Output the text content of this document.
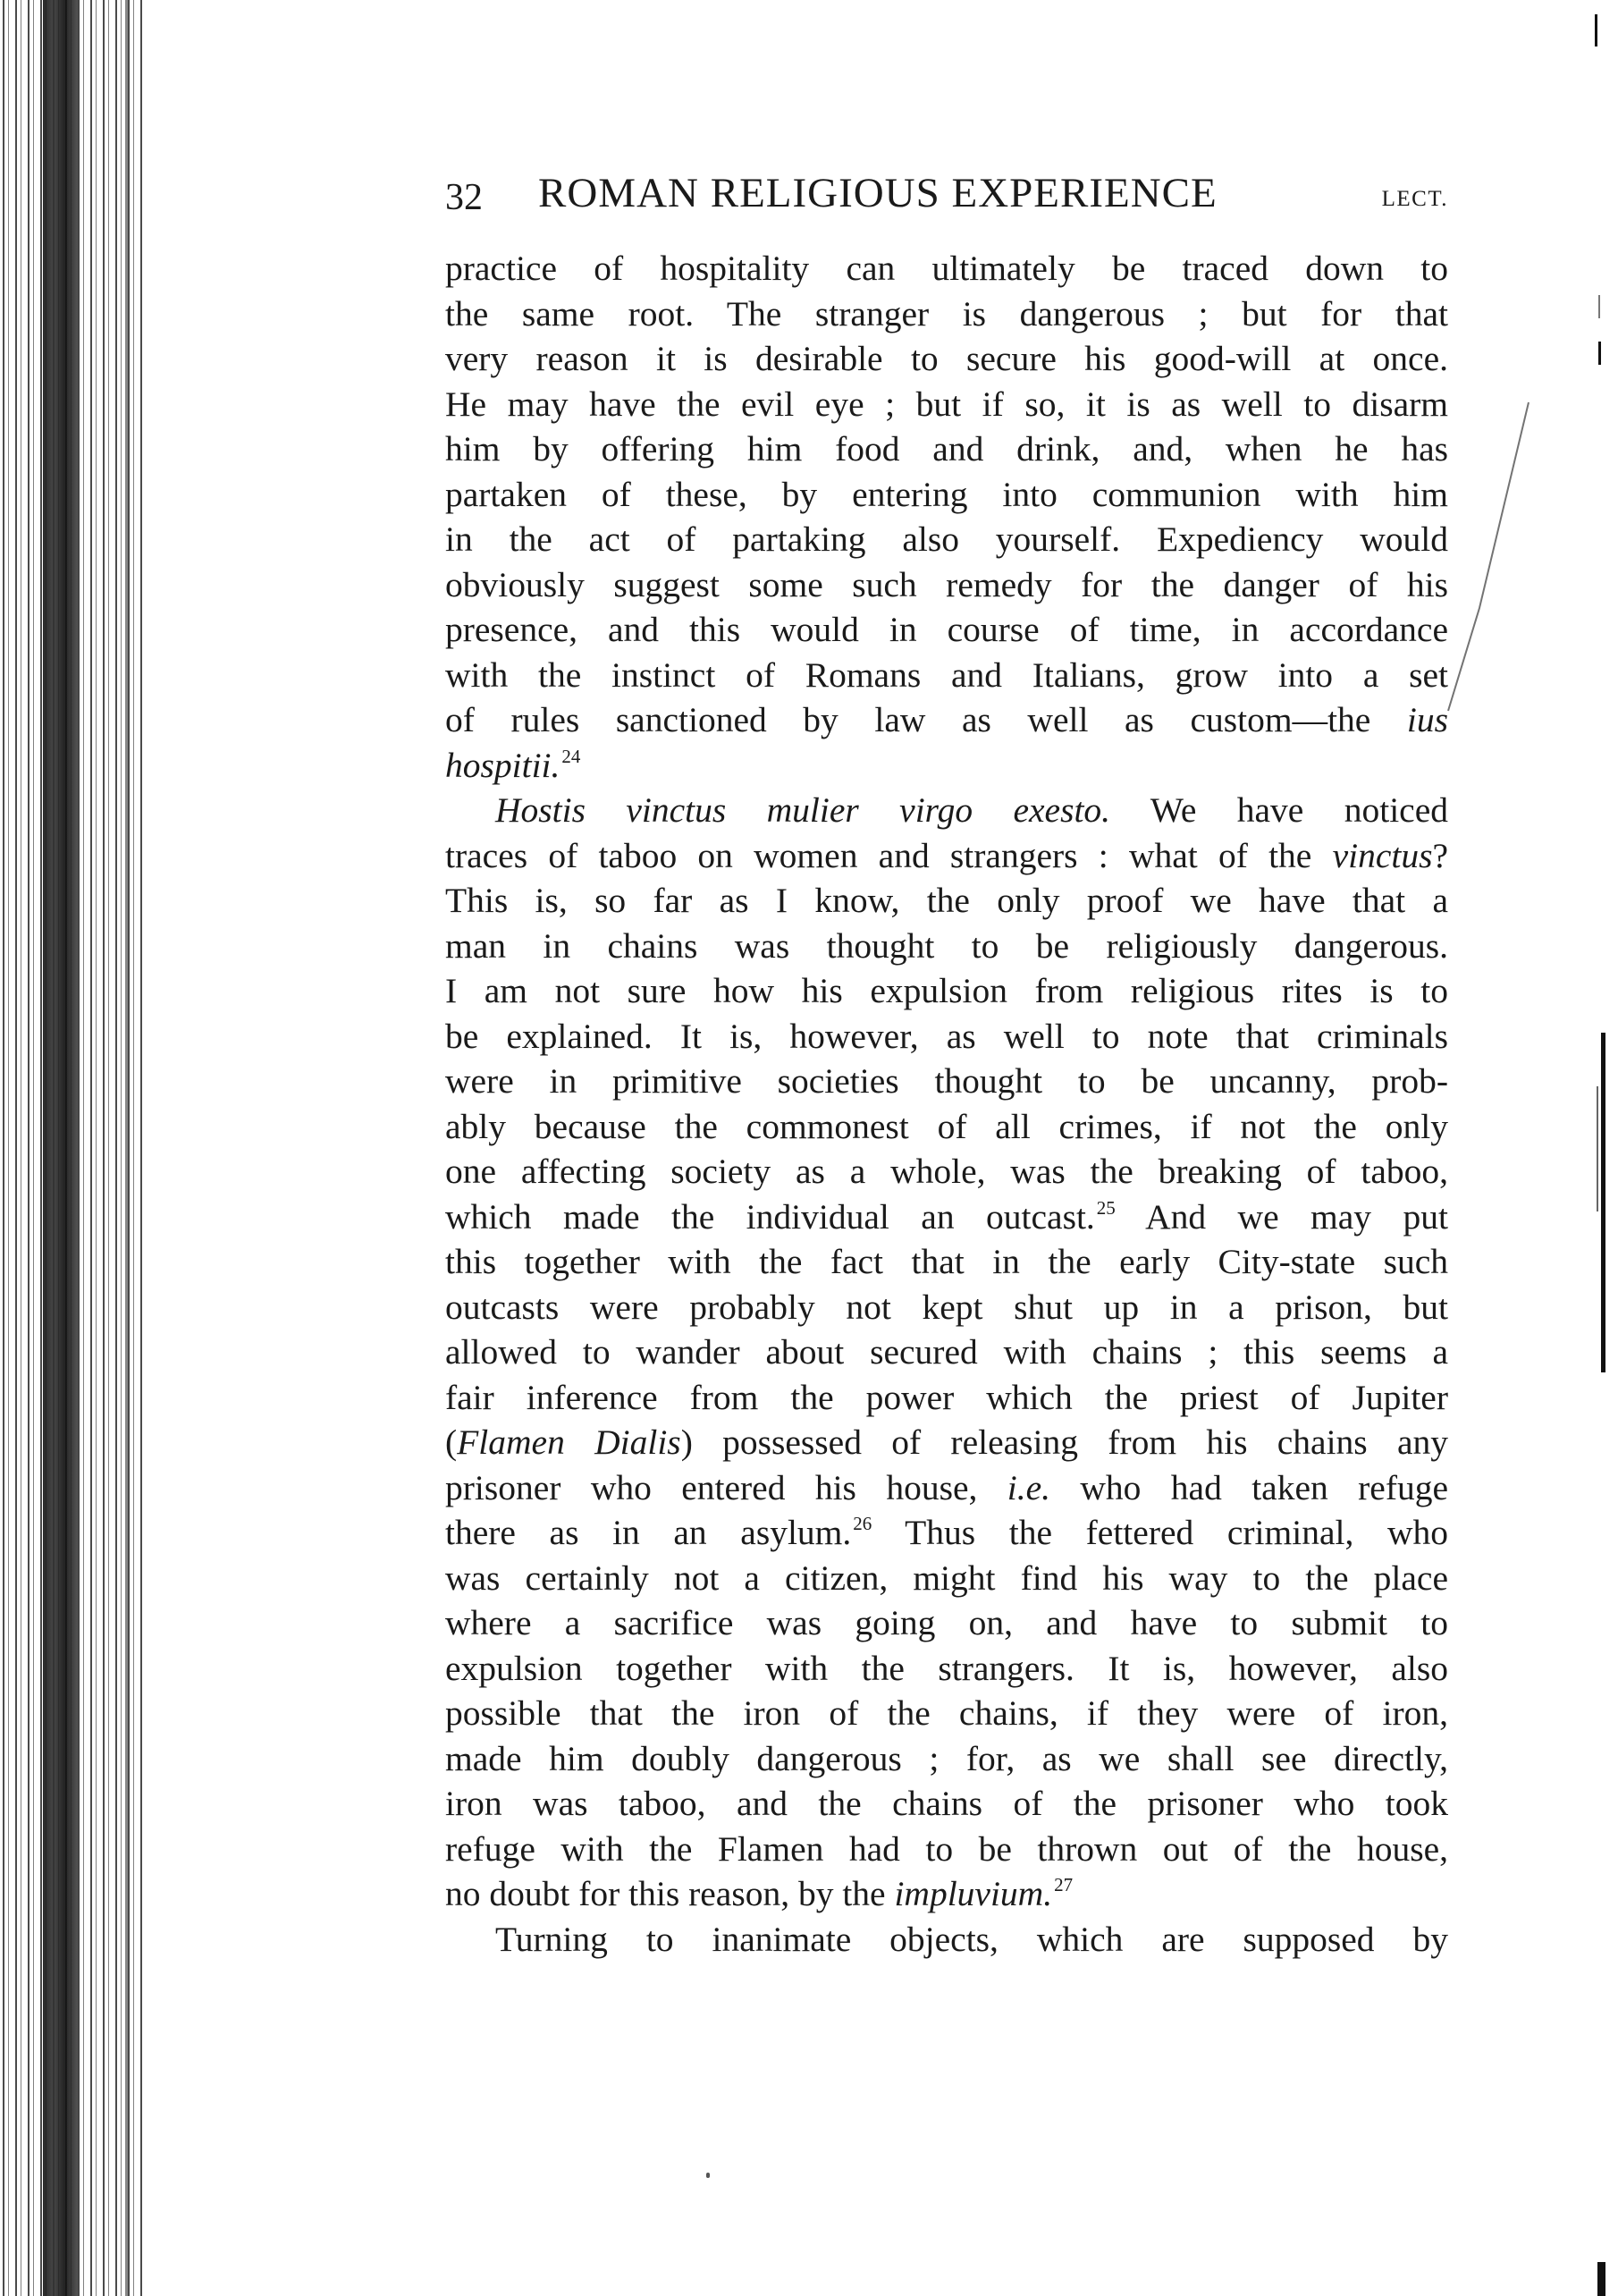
32 ROMAN RELIGIOUS EXPERIENCE	LECT.
practice of hospitality can ultimately be traced down to
the same root. The stranger is dangerous ; but for that
very reason it is desirable to secure his good-will at once.
He may have the evil eye ; but if so, it is as well to disarm
him by offering him food and drink, and, when he has
partaken of these, by entering into communion with him
in the act of partaking also yourself. Expediency would
obviously suggest some such remedy for the danger of his
presence, and this would in course of time, in accordance
with the instinct of Romans and Italians, grow into a set
of rules sanctioned by law as well as custom—the ius
hospitii.$^{24}$
Hostis vinctus mulier virgo exesto. We have noticed
traces of taboo on women and strangers : what of the vinctus?
This is, so far as I know, the only proof we have that a
man in chains was thought to be religiously dangerous.
I am not sure how his expulsion from religious rites is to
be explained. It is, however, as well to note that criminals
were in primitive societies thought to be uncanny, prob-
ably because the commonest of all crimes, if not the only
one affecting society as a whole, was the breaking of taboo,
which made the individual an outcast.$^{25}$ And we may put
this together with the fact that in the early City-state such
outcasts were probably not kept shut up in a prison, but
allowed to wander about secured with chains ; this seems a
fair inference from the power which the priest of Jupiter
(Flamen Dialis) possessed of releasing from his chains any
prisoner who entered his house, i.e. who had taken refuge
there as in an asylum.$^{26}$ Thus the fettered criminal, who
was certainly not a citizen, might find his way to the place
where a sacrifice was going on, and have to submit to
expulsion together with the strangers. It is, however, also
possible that the iron of the chains, if they were of iron,
made him doubly dangerous ; for, as we shall see directly,
iron was taboo, and the chains of the prisoner who took
refuge with the Flamen had to be thrown out of the house,
no doubt for this reason, by the impluvium.$^{27}$
Turning to inanimate objects, which are supposed by
